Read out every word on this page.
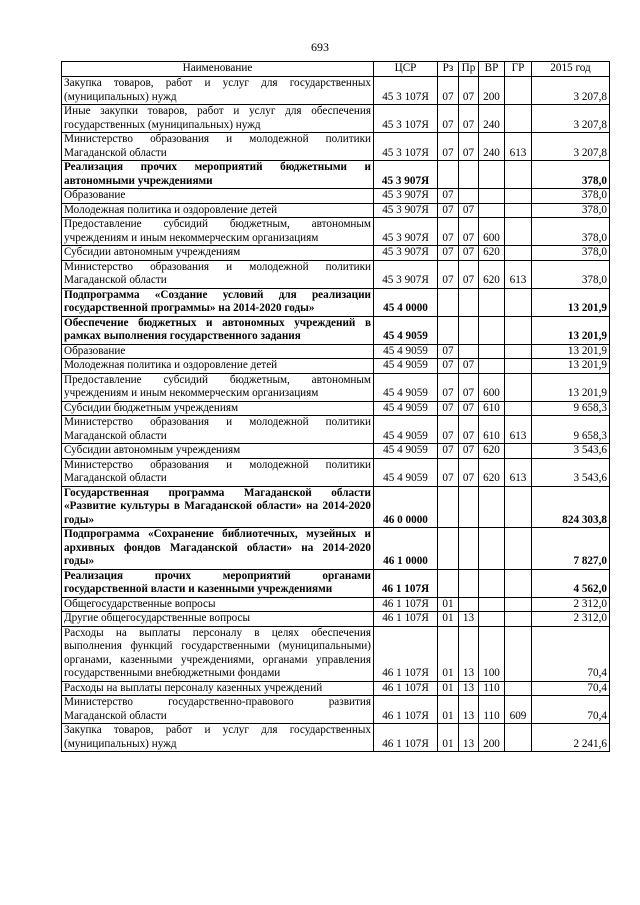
693
Наименование	ЦСР	Рз	Пр	ВР	ГР	2015 год
Закупка товаров, работ и услуг для государственных (муниципальных) нужд	45 3 107Я	07	07	200		3 207,8
Иные закупки товаров, работ и услуг для обеспечения государственных (муниципальных) нужд	45 3 107Я	07	07	240		3 207,8
Министерство образования и молодежной политики Магаданской области	45 3 107Я	07	07	240	613	3 207,8
Реализация прочих мероприятий бюджетными и автономными учреждениями	45 3 907Я					378,0
Образование	45 3 907Я	07				378,0
Молодежная политика и оздоровление детей	45 3 907Я	07	07			378,0
Предоставление субсидий бюджетным, автономным учреждениям и иным некоммерческим организациям	45 3 907Я	07	07	600		378,0
Субсидии автономным учреждениям	45 3 907Я	07	07	620		378,0
Министерство образования и молодежной политики Магаданской области	45 3 907Я	07	07	620	613	378,0
Подпрограмма «Создание условий для реализации государственной программы» на 2014-2020 годы»	45 4 0000					13 201,9
Обеспечение бюджетных и автономных учреждений в рамках выполнения государственного задания	45 4 9059					13 201,9
Образование	45 4 9059	07				13 201,9
Молодежная политика и оздоровление детей	45 4 9059	07	07			13 201,9
Предоставление субсидий бюджетным, автономным учреждениям и иным некоммерческим организациям	45 4 9059	07	07	600		13 201,9
Субсидии бюджетным учреждениям	45 4 9059	07	07	610		9 658,3
Министерство образования и молодежной политики Магаданской области	45 4 9059	07	07	610	613	9 658,3
Субсидии автономным учреждениям	45 4 9059	07	07	620		3 543,6
Министерство образования и молодежной политики Магаданской области	45 4 9059	07	07	620	613	3 543,6
Государственная программа Магаданской области «Развитие культуры в Магаданской области» на 2014-2020 годы»	46 0 0000					824 303,8
Подпрограмма «Сохранение библиотечных, музейных и архивных фондов Магаданской области» на 2014-2020 годы»	46 1 0000					7 827,0
Реализация прочих мероприятий органами государственной власти и казенными учреждениями	46 1 107Я					4 562,0
Общегосударственные вопросы	46 1 107Я	01				2 312,0
Другие общегосударственные вопросы	46 1 107Я	01	13			2 312,0
Расходы на выплаты персоналу в целях обеспечения выполнения функций государственными (муниципальными) органами, казенными учреждениями, органами управления государственными внебюджетными фондами	46 1 107Я	01	13	100		70,4
Расходы на выплаты персоналу казенных учреждений	46 1 107Я	01	13	110		70,4
Министерство государственно-правового развития Магаданской области	46 1 107Я	01	13	110	609	70,4
Закупка товаров, работ и услуг для государственных (муниципальных) нужд	46 1 107Я	01	13	200		2 241,6
